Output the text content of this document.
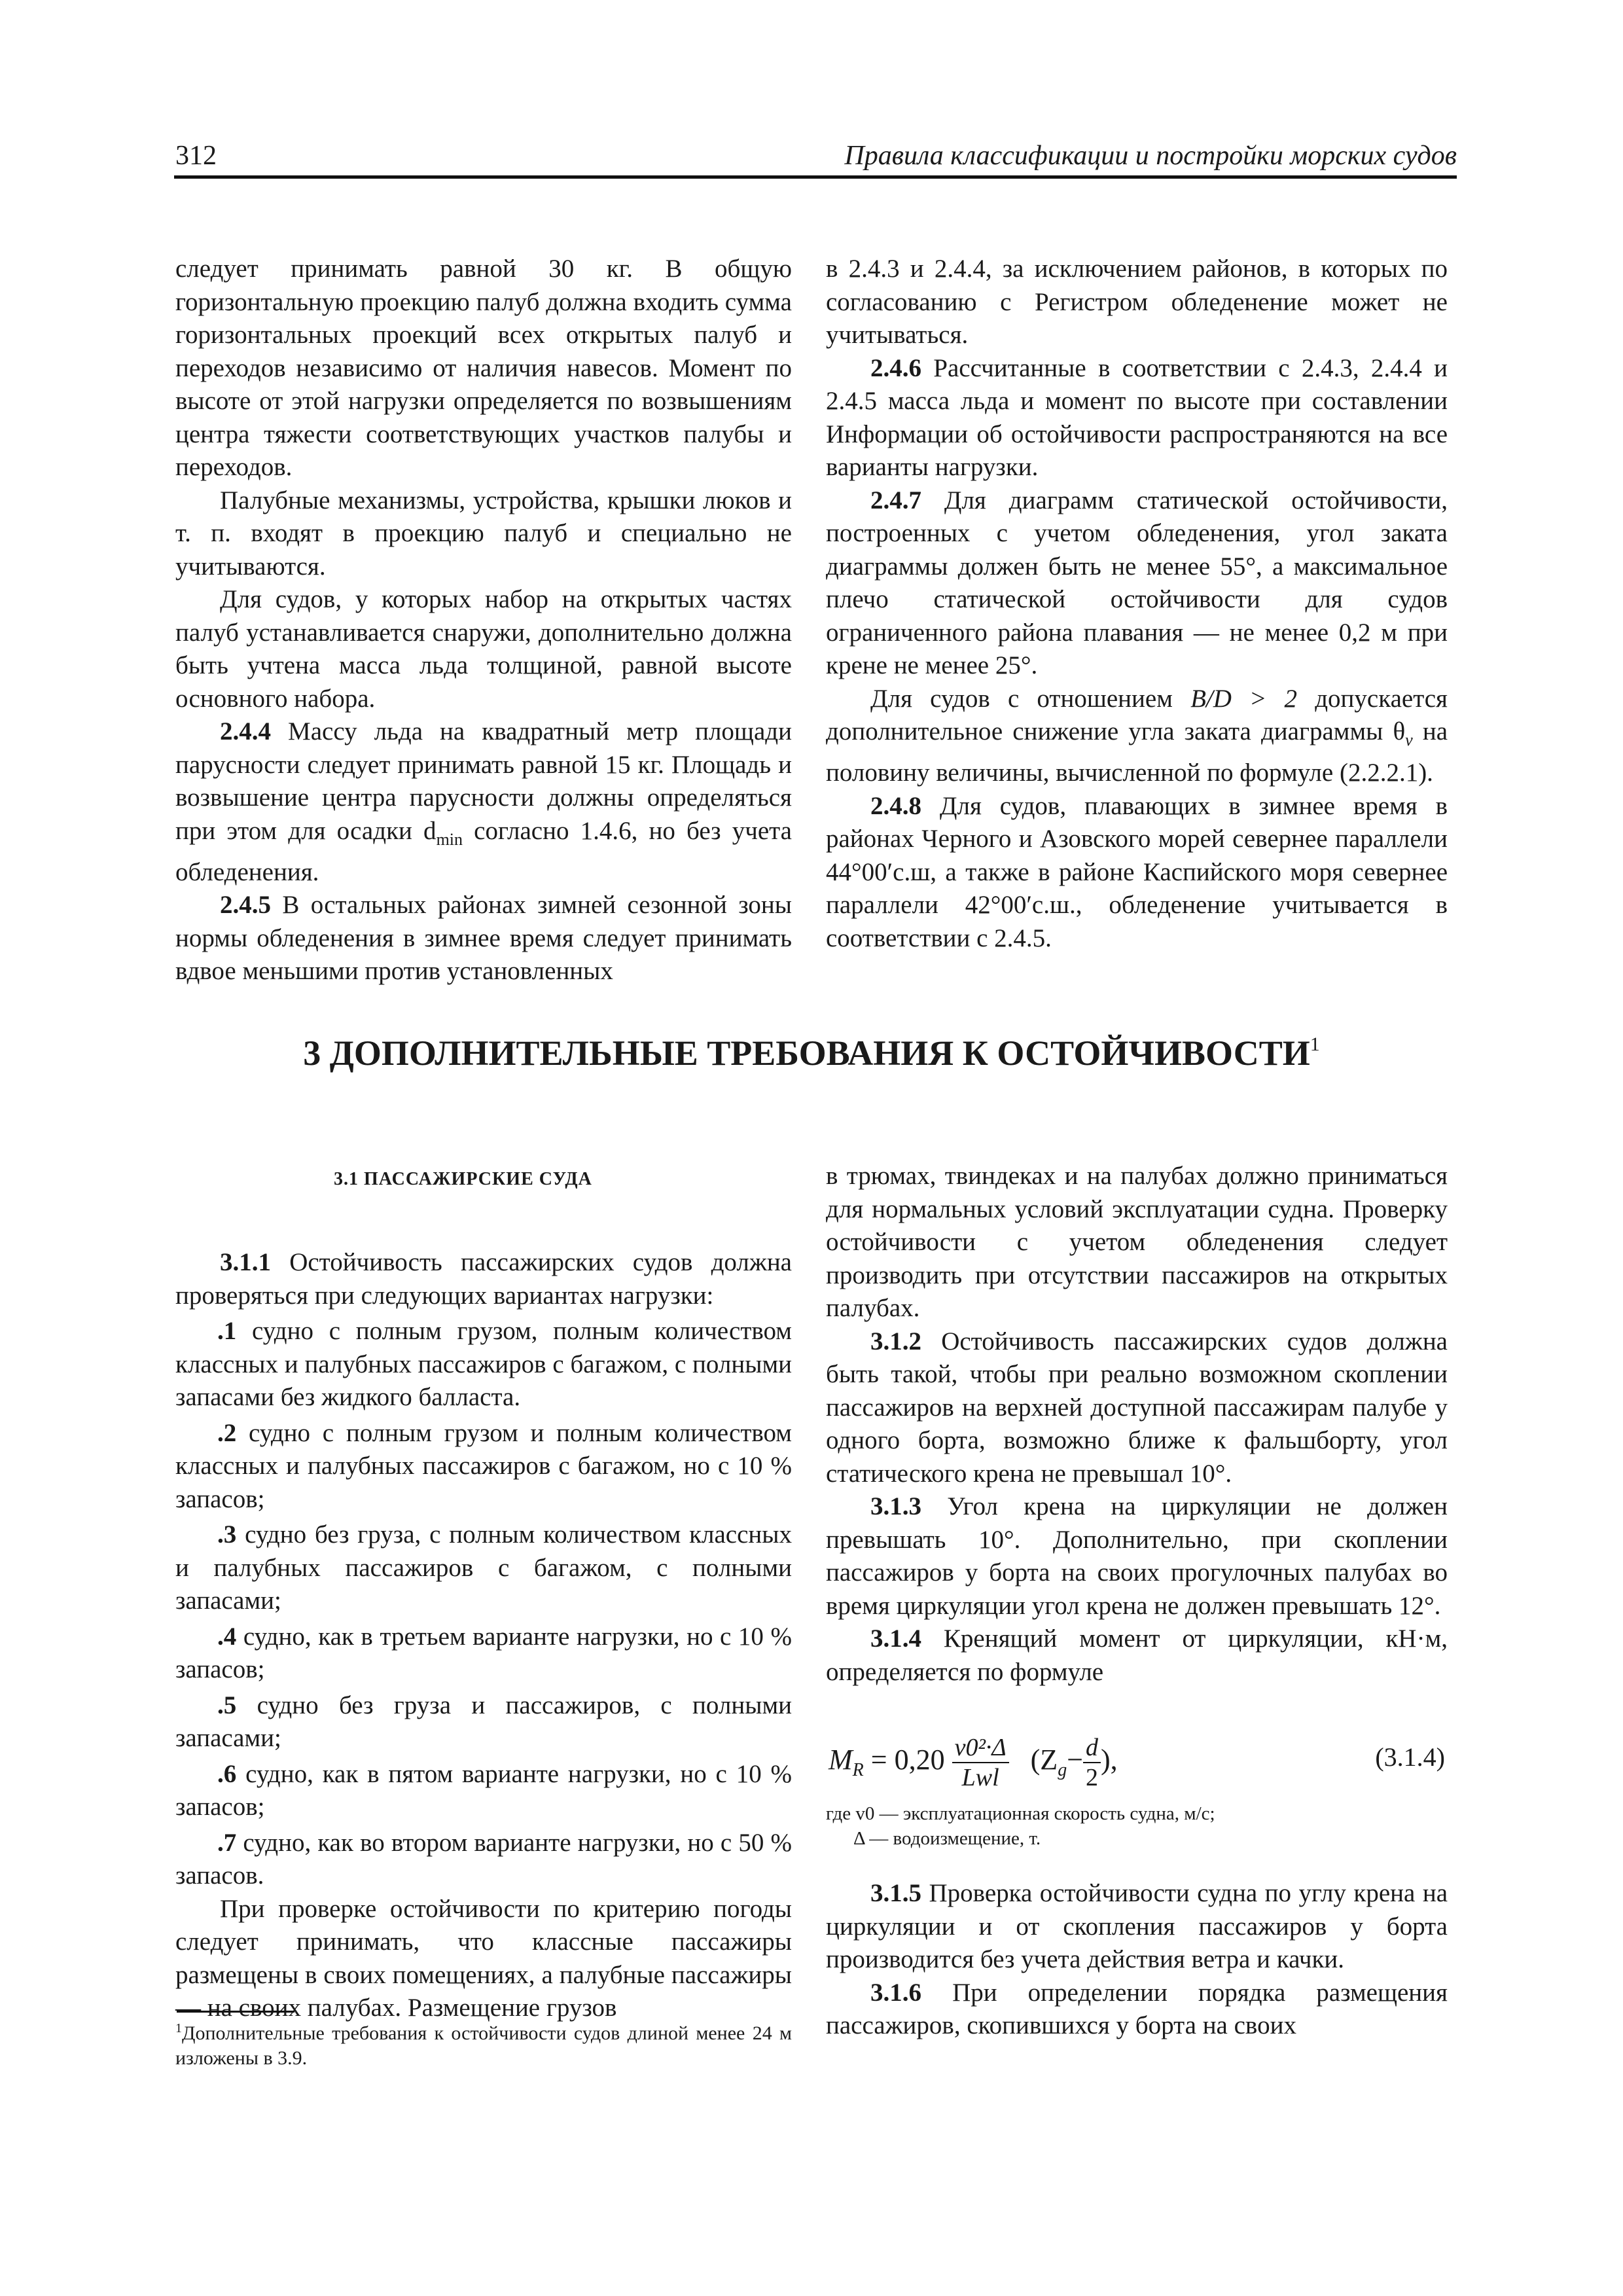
312	Правила классификации и постройки морских судов

следует принимать равной 30 кг. В общую горизонтальную проекцию палуб должна входить сумма горизонтальных проекций всех открытых палуб и переходов независимо от наличия навесов. Момент по высоте от этой нагрузки определяется по возвышениям центра тяжести соответствующих участков палубы и переходов.

Палубные механизмы, устройства, крышки люков и т. п. входят в проекцию палуб и специально не учитываются.

Для судов, у которых набор на открытых частях палуб устанавливается снаружи, дополнительно должна быть учтена масса льда толщиной, равной высоте основного набора.

2.4.4 Массу льда на квадратный метр площади парусности следует принимать равной 15 кг. Площадь и возвышение центра парусности должны определяться при этом для осадки $d_{min}$ согласно 1.4.6, но без учета обледенения.

2.4.5 В остальных районах зимней сезонной зоны нормы обледенения в зимнее время следует принимать вдвое меньшими против установленных

в 2.4.3 и 2.4.4, за исключением районов, в которых по согласованию с Регистром обледенение может не учитываться.

2.4.6 Рассчитанные в соответствии с 2.4.3, 2.4.4 и 2.4.5 масса льда и момент по высоте при составлении Информации об остойчивости распространяются на все варианты нагрузки.

2.4.7 Для диаграмм статической остойчивости, построенных с учетом обледенения, угол заката диаграммы должен быть не менее 55°, а максимальное плечо статической остойчивости для судов ограниченного района плавания — не менее 0,2 м при крене не менее 25°.

Для судов с отношением B/D > 2 допускается дополнительное снижение угла заката диаграммы $\theta_v$ на половину величины, вычисленной по формуле (2.2.2.1).

2.4.8 Для судов, плавающих в зимнее время в районах Черного и Азовского морей севернее параллели 44°00′с.ш, а также в районе Каспийского моря севернее параллели 42°00′с.ш., обледенение учитывается в соответствии с 2.4.5.

3 ДОПОЛНИТЕЛЬНЫЕ ТРЕБОВАНИЯ К ОСТОЙЧИВОСТИ$^1$
3.1 ПАССАЖИРСКИЕ СУДА

3.1.1 Остойчивость пассажирских судов должна проверяться при следующих вариантах нагрузки:

.1 судно с полным грузом, полным количеством классных и палубных пассажиров с багажом, с полными запасами без жидкого балласта.

.2 судно с полным грузом и полным количеством классных и палубных пассажиров с багажом, но с 10 % запасов;

.3 судно без груза, с полным количеством классных и палубных пассажиров с багажом, с полными запасами;

.4 судно, как в третьем варианте нагрузки, но с 10 % запасов;

.5 судно без груза и пассажиров, с полными запасами;

.6 судно, как в пятом варианте нагрузки, но с 10 % запасов;

.7 судно, как во втором варианте нагрузки, но с 50 % запасов.

При проверке остойчивости по критерию погоды следует принимать, что классные пассажиры размещены в своих помещениях, а палубные пассажиры — на своих палубах. Размещение грузов

в трюмах, твиндеках и на палубах должно приниматься для нормальных условий эксплуатации судна. Проверку остойчивости с учетом обледенения следует производить при отсутствии пассажиров на открытых палубах.

3.1.2 Остойчивость пассажирских судов должна быть такой, чтобы при реально возможном скоплении пассажиров на верхней доступной пассажирам палубе у одного борта, возможно ближе к фальшборту, угол статического крена не превышал 10°.

3.1.3 Угол крена на циркуляции не должен превышать 10°. Дополнительно, при скоплении пассажиров у борта на своих прогулочных палубах во время циркуляции угол крена не должен превышать 12°.

3.1.4 Кренящий момент от циркуляции, кН·м, определяется по формуле

$M_R = 0,20 \frac{\text{v0²·Δ}}{\text{Lwl}} (Z_g- \frac{d}{2}$ ),	(3.1.4)
где v0 — эксплуатационная скорость судна, м/с;
Δ — водоизмещение, т.

3.1.5 Проверка остойчивости судна по углу крена на циркуляции и от скопления пассажиров у борта производится без учета действия ветра и качки.

3.1.6 При определении порядка размещения пассажиров, скопившихся у борта на своих

$^1$Дополнительные требования к остойчивости судов длиной менее 24 м изложены в 3.9.
